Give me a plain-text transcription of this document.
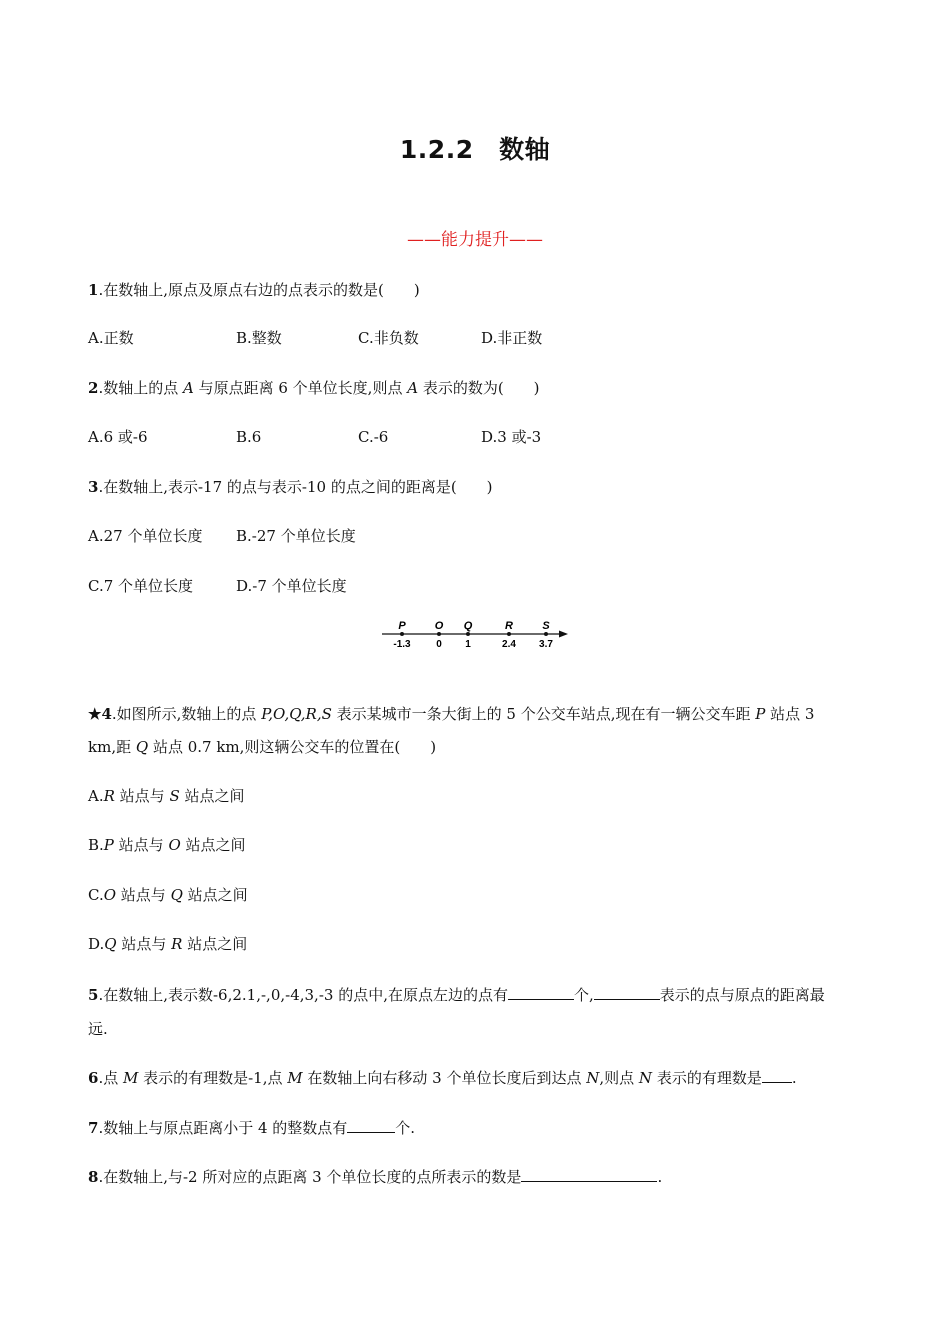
1.2.2　数轴
——能力提升——
1.在数轴上,原点及原点右边的点表示的数是(　　)
A.正数	B.整数	C.非负数	D.非正数
2.数轴上的点 A 与原点距离 6 个单位长度,则点 A 表示的数为(　　)
A.6 或-6	B.6	C.-6	D.3 或-3
3.在数轴上,表示-17 的点与表示-10 的点之间的距离是(　　)
A.27 个单位长度 B.-27 个单位长度
C.7 个单位长度	D.-7 个单位长度
P
-1.3
O
0
Q
1
R
2.4
S
3.7
★4.如图所示,数轴上的点 P,O,Q,R,S 表示某城市一条大街上的 5 个公交车站点,现在有一辆公交车距 P 站点 3
km,距 Q 站点 0.7 km,则这辆公交车的位置在(　　)
A.R 站点与 S 站点之间
B.P 站点与 O 站点之间
C.O 站点与 Q 站点之间
D.Q 站点与 R 站点之间
5.在数轴上,表示数-6,2.1,-,0,-4,3,-3 的点中,在原点左边的点有	个,	表示的点与原点的距离最
远.
6.点 M 表示的有理数是-1,点 M 在数轴上向右移动 3 个单位长度后到达点 N,则点 N 表示的有理数是 .
7.数轴上与原点距离小于 4 的整数点有	个.
8.在数轴上,与-2 所对应的点距离 3 个单位长度的点所表示的数是	.
